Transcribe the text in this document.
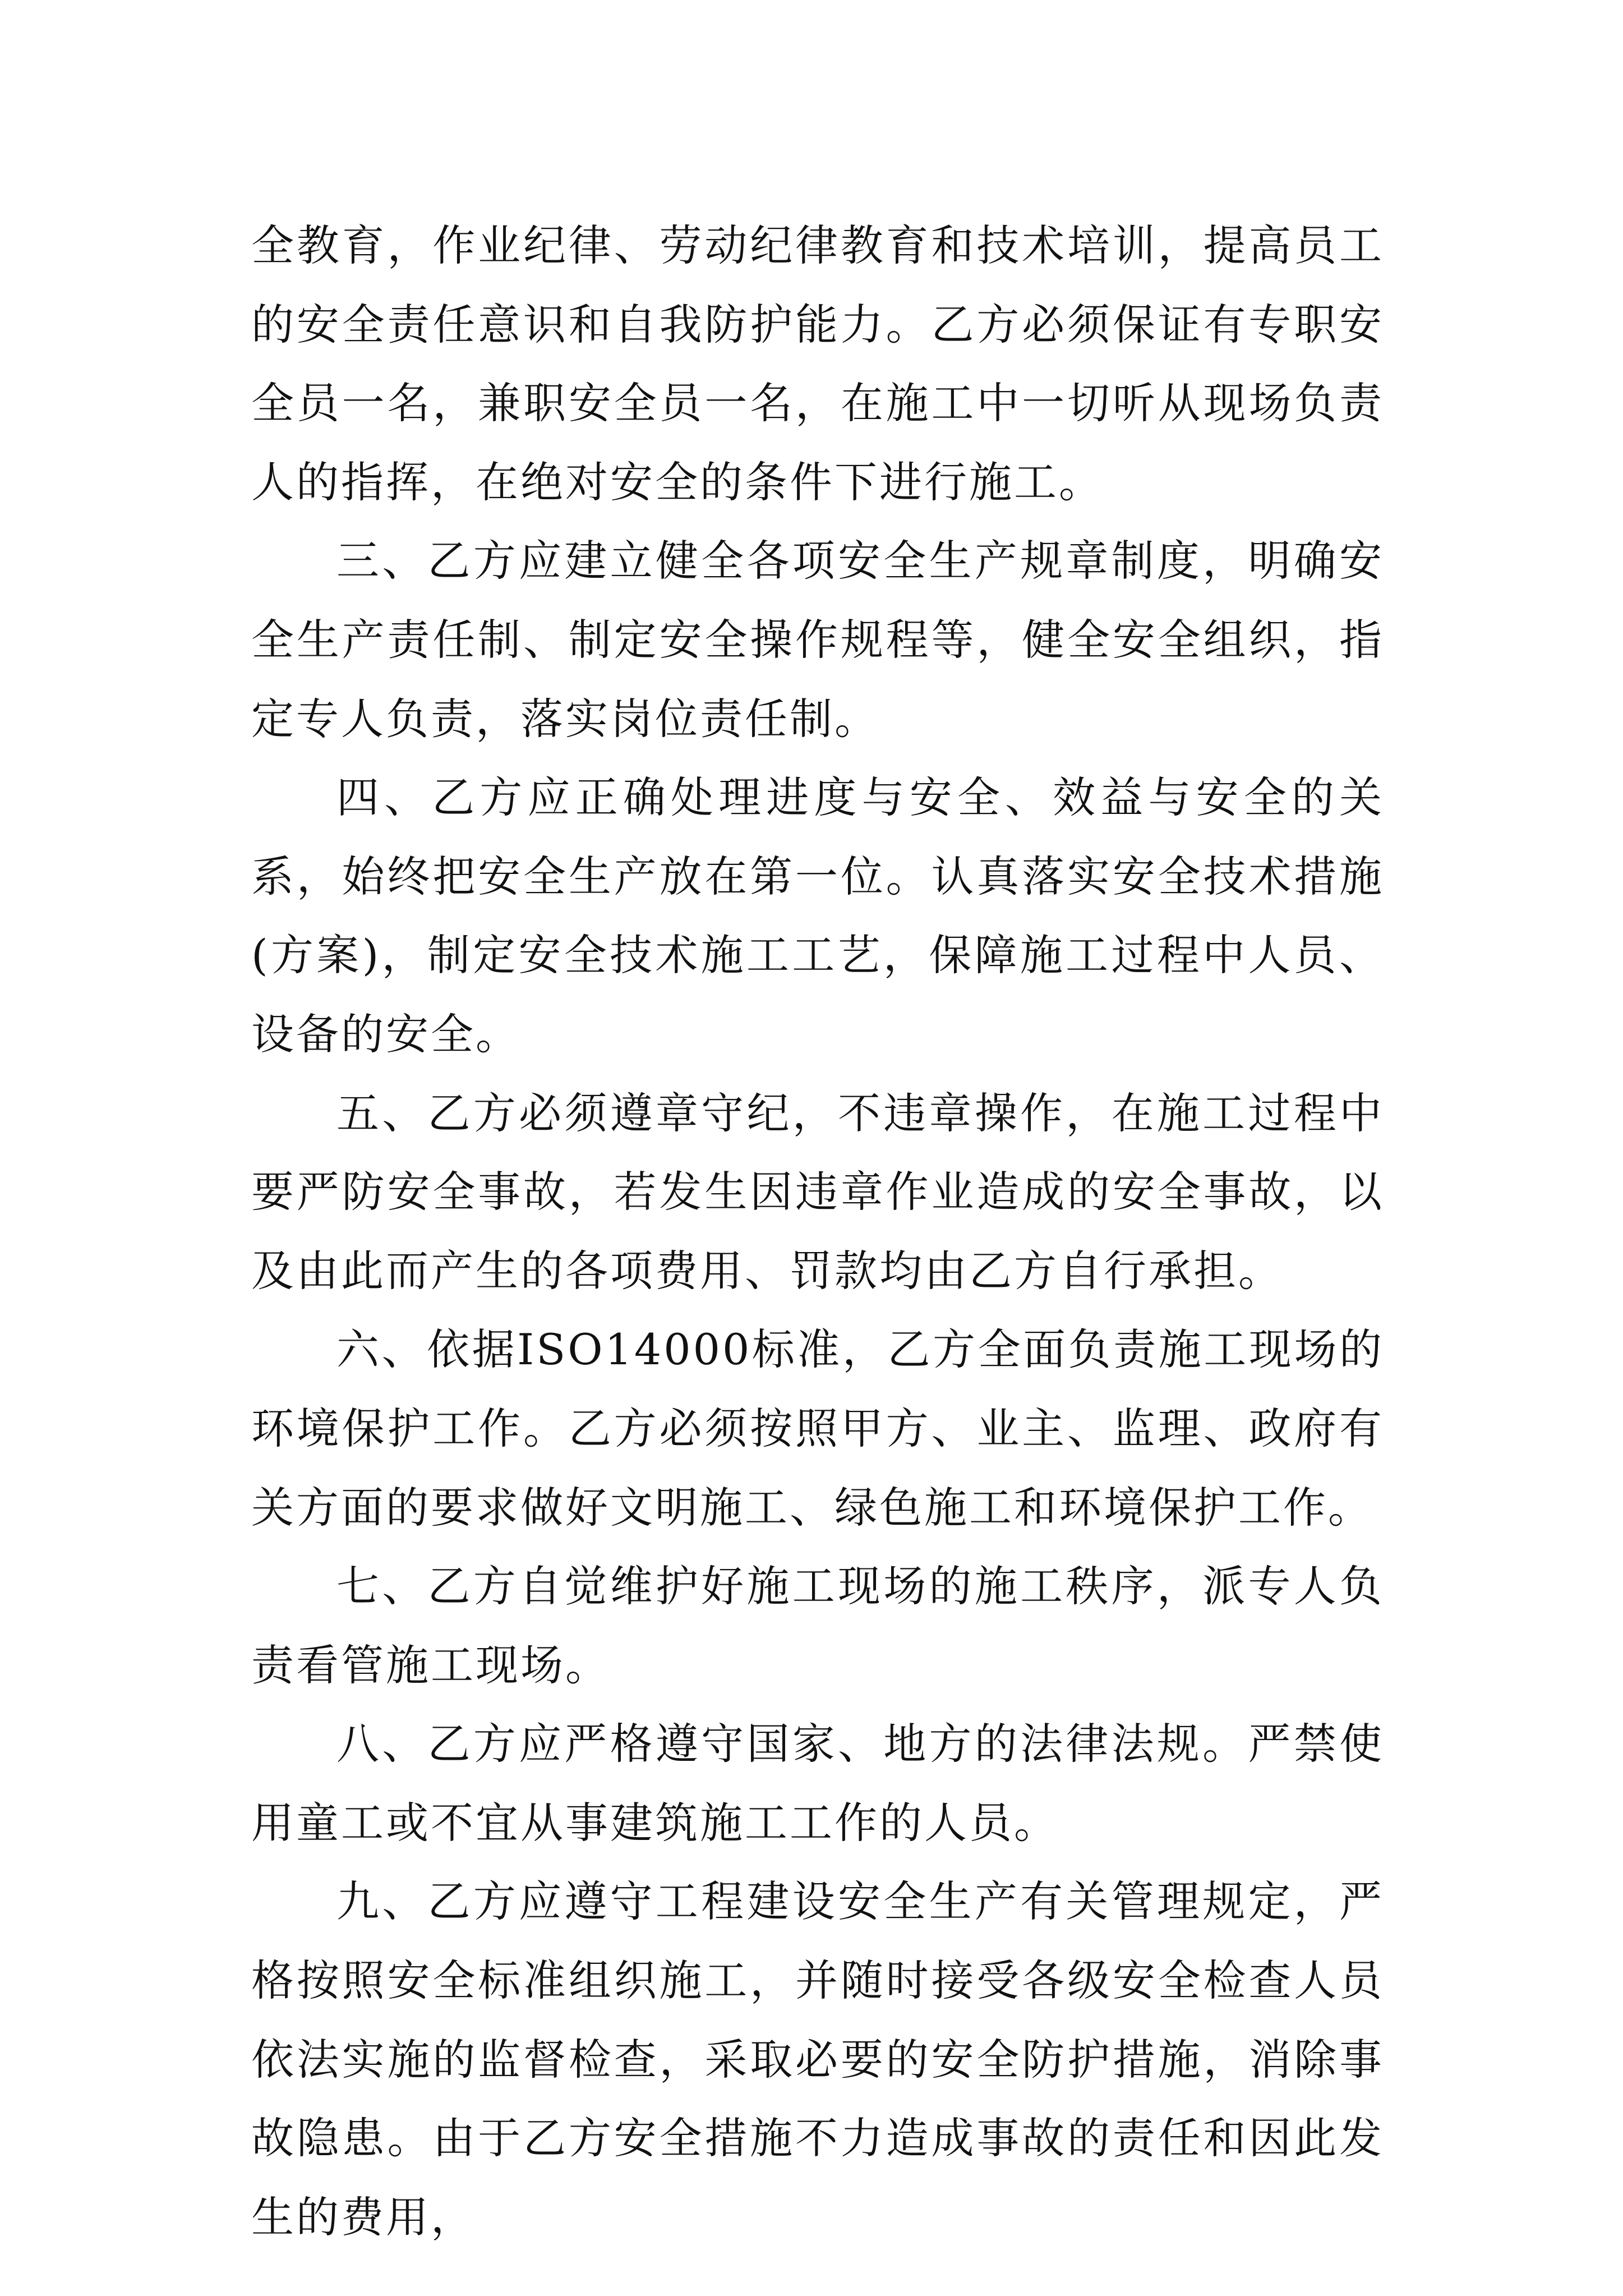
全教育，作业纪律、劳动纪律教育和技术培训，提高员工的安全责任意识和自我防护能力。乙方必须保证有专职安全员一名，兼职安全员一名，在施工中一切听从现场负责人的指挥，在绝对安全的条件下进行施工。

三、乙方应建立健全各项安全生产规章制度，明确安全生产责任制、制定安全操作规程等，健全安全组织，指定专人负责，落实岗位责任制。

四、乙方应正确处理进度与安全、效益与安全的关系，始终把安全生产放在第一位。认真落实安全技术措施(方案)，制定安全技术施工工艺，保障施工过程中人员、设备的安全。

五、乙方必须遵章守纪，不违章操作，在施工过程中要严防安全事故，若发生因违章作业造成的安全事故，以及由此而产生的各项费用、罚款均由乙方自行承担。

六、依据ISO14000标准，乙方全面负责施工现场的环境保护工作。乙方必须按照甲方、业主、监理、政府有关方面的要求做好文明施工、绿色施工和环境保护工作。

七、乙方自觉维护好施工现场的施工秩序，派专人负责看管施工现场。

八、乙方应严格遵守国家、地方的法律法规。严禁使用童工或不宜从事建筑施工工作的人员。

九、乙方应遵守工程建设安全生产有关管理规定，严格按照安全标准组织施工，并随时接受各级安全检查人员依法实施的监督检查，采取必要的安全防护措施，消除事故隐患。由于乙方安全措施不力造成事故的责任和因此发生的费用，
